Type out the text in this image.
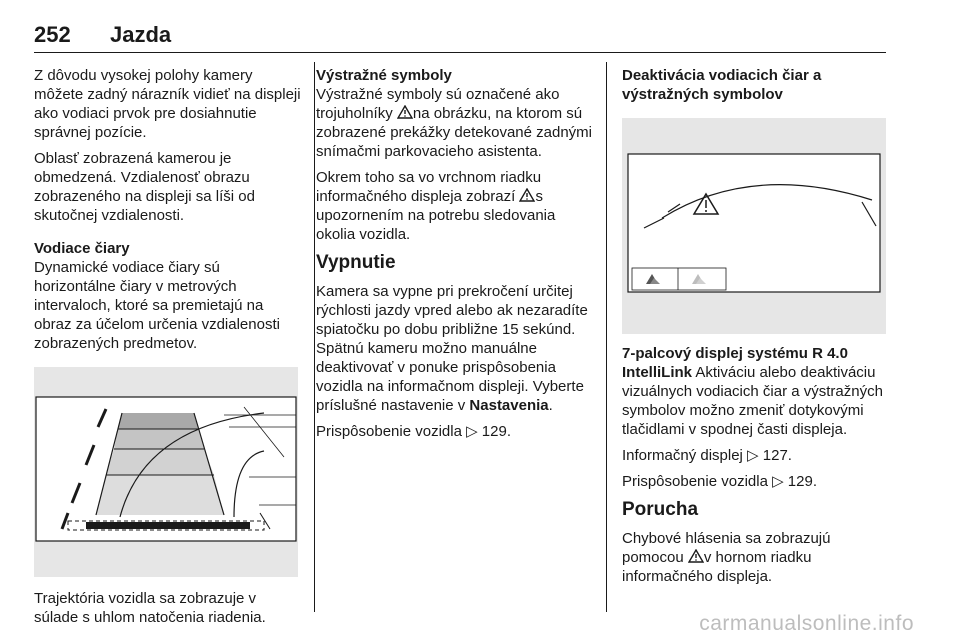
252 Jazda

Z dôvodu vysokej polohy kamery môžete zadný nárazník vidieť na displeji ako vodiaci prvok pre dosiahnutie správnej pozície.

Oblasť zobrazená kamerou je obmedzená. Vzdialenosť obrazu zobrazeného na displeji sa líši od skutočnej vzdialenosti.

Vodiace čiary

Dynamické vodiace čiary sú horizontálne čiary v metrových intervaloch, ktoré sa premietajú na obraz za účelom určenia vzdialenosti zobrazených predmetov.

Trajektória vozidla sa zobrazuje v súlade s uhlom natočenia riadenia.

Výstražné symboly

Výstražné symboly sú označené ako trojuholníky na obrázku, na ktorom sú zobrazené prekážky detekované zadnými snímačmi parkovacieho asistenta.

Okrem toho sa vo vrchnom riadku informačného displeja zobrazí s upozornením na potrebu sledovania okolia vozidla.

Vypnutie

Kamera sa vypne pri prekročení určitej rýchlosti jazdy vpred alebo ak nezaradíte spiatočku po dobu približne 15 sekúnd. Spätnú kameru možno manuálne deaktivovať v ponuke prispôsobenia vozidla na informačnom displeji. Vyberte príslušné nastavenie v Nastavenia.

Prispôsobenie vozidla ▷ 129.

Deaktivácia vodiacich čiar a výstražných symbolov

7-palcový displej systému R 4.0 IntelliLink Aktiváciu alebo deaktiváciu vizuálnych vodiacich čiar a výstražných symbolov možno zmeniť dotykovými tlačidlami v spodnej časti displeja.

Informačný displej ▷ 127.

Prispôsobenie vozidla ▷ 129.

Porucha

Chybové hlásenia sa zobrazujú pomocou v hornom riadku informačného displeja.

carmanualsonline.info
